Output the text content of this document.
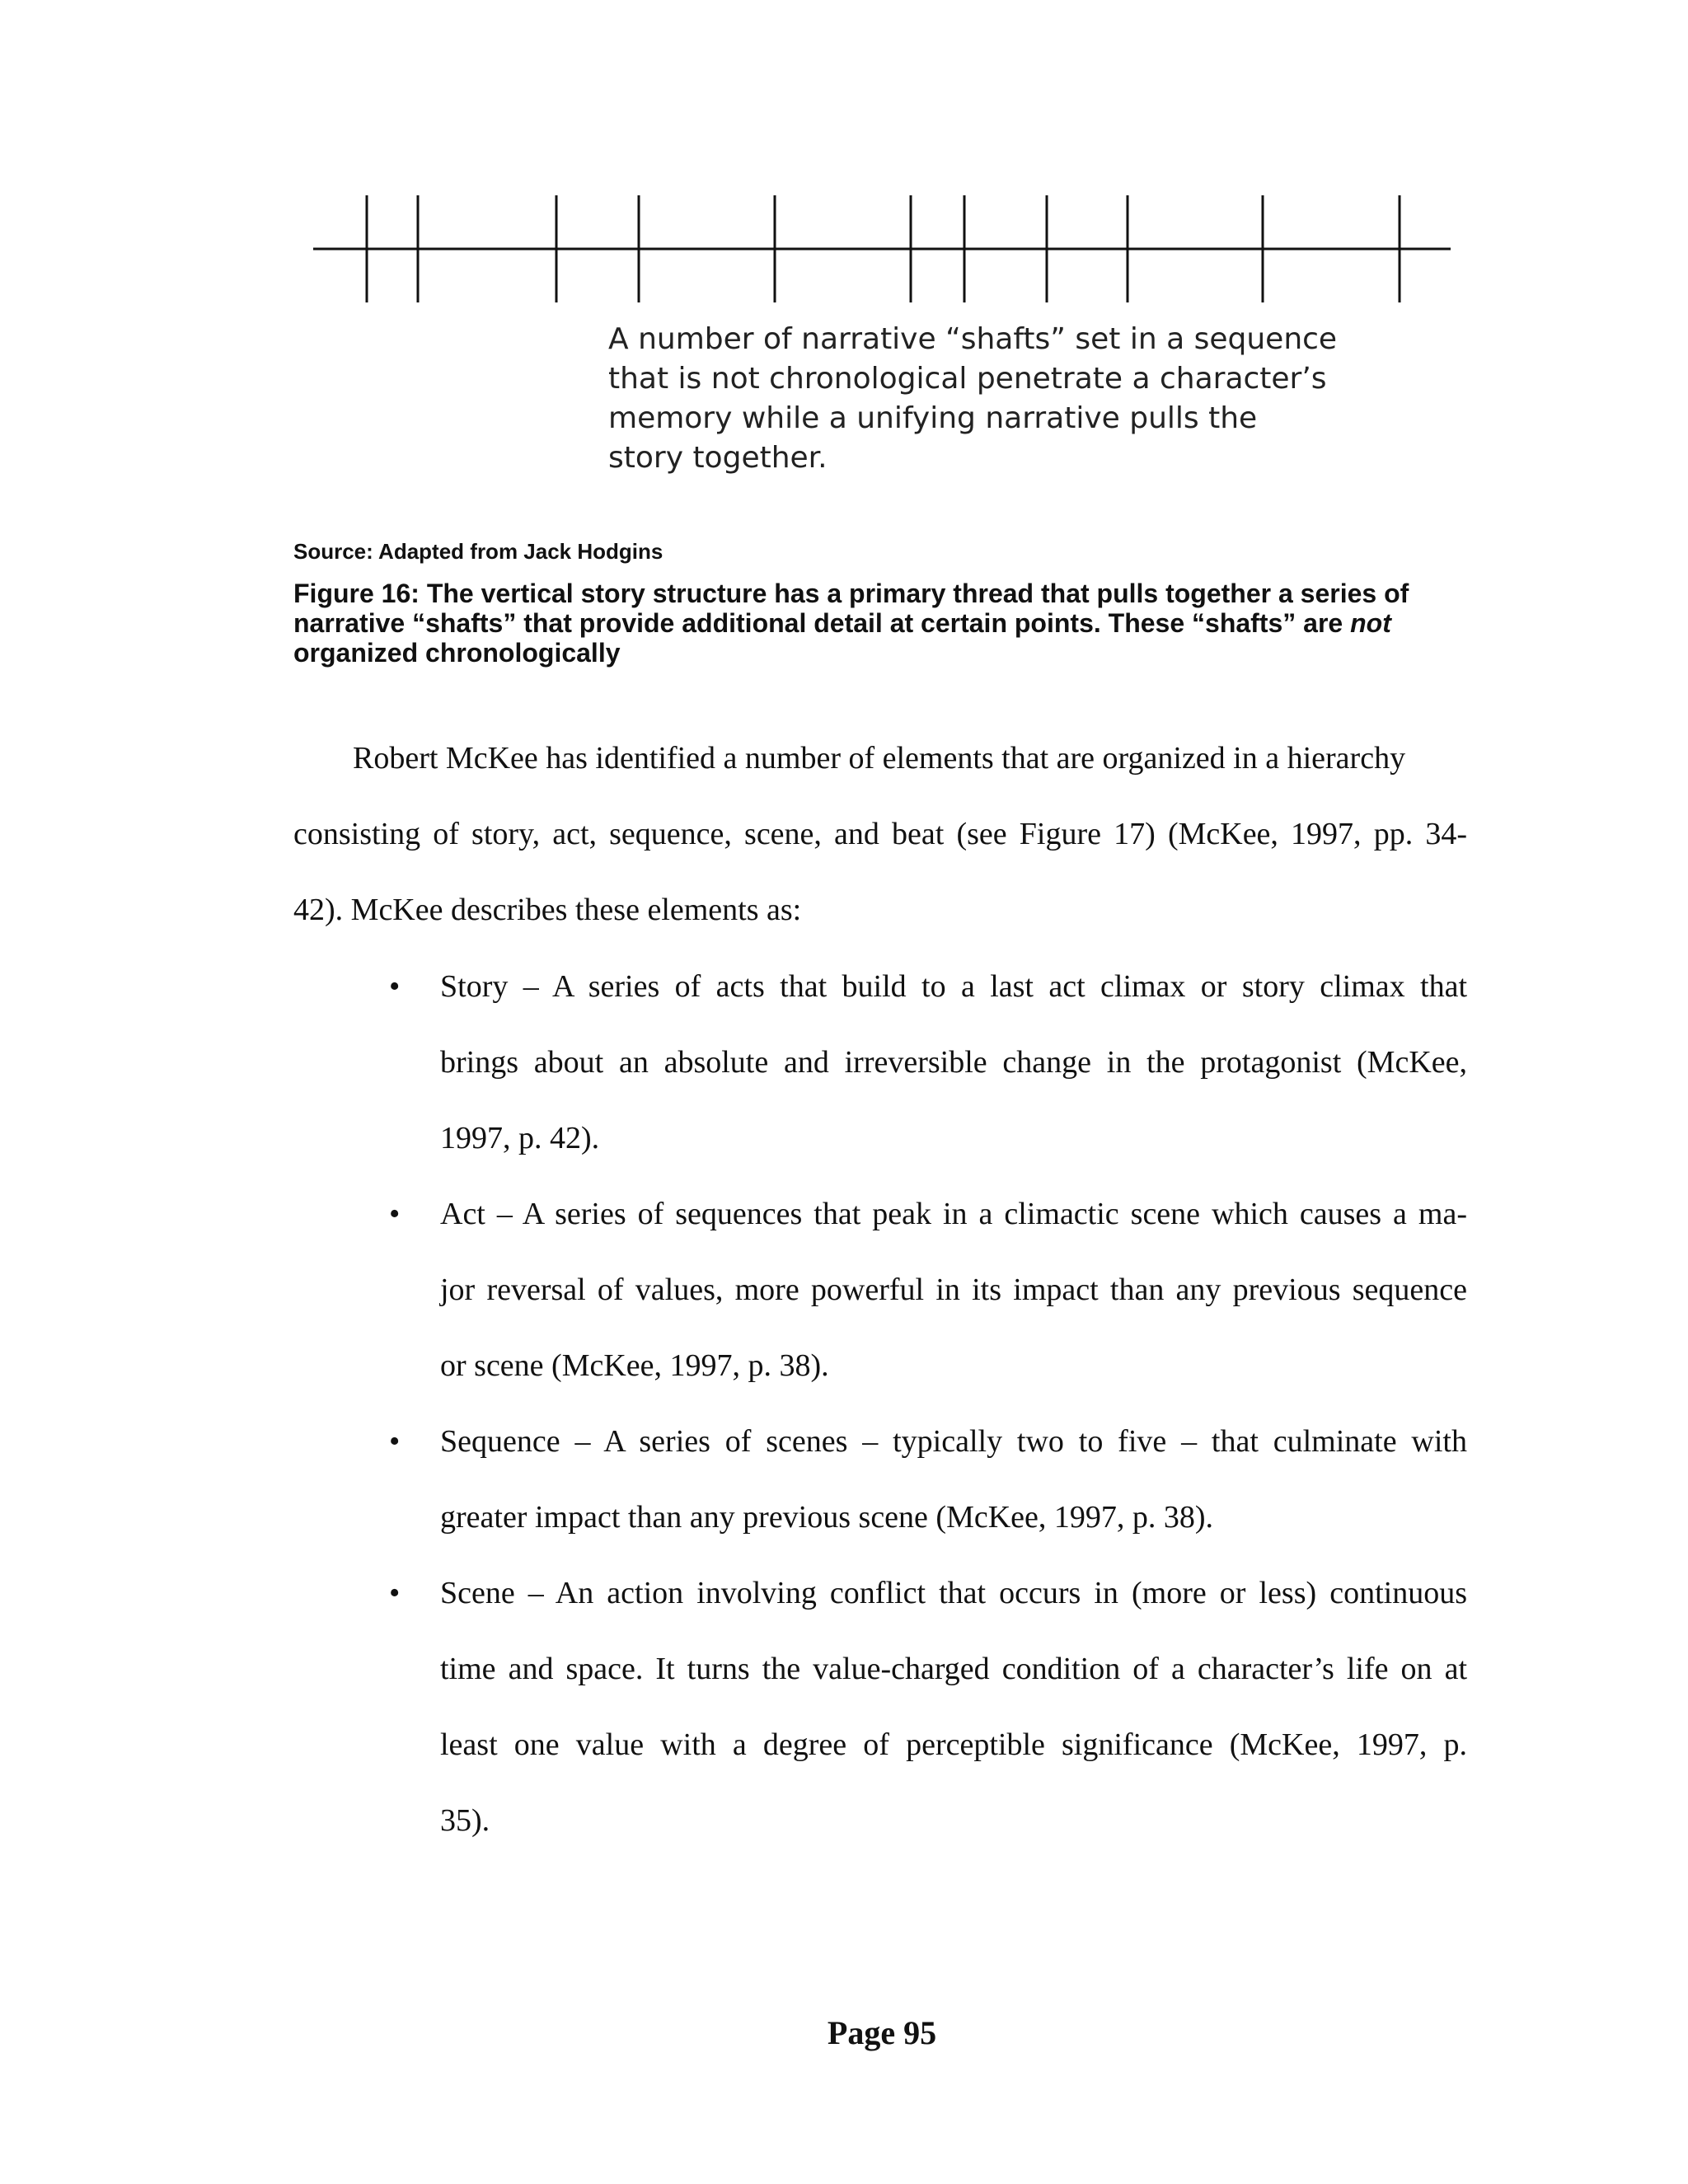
A number of narrative “shafts” set in a sequence
that is not chronological penetrate a character’s
memory while a unifying narrative pulls the
story together.
Source: Adapted from Jack Hodgins
Figure 16: The vertical story structure has a primary thread that pulls together a series of
narrative “shafts” that provide additional detail at certain points. These “shafts” are not
organized chronologically
Robert McKee has identified a number of elements that are organized in a hierarchy
consisting of story, act, sequence, scene, and beat (see Figure 17) (McKee, 1997, pp. 34-
42). McKee describes these elements as:
• Story – A series of acts that build to a last act climax or story climax that
brings about an absolute and irreversible change in the protagonist (McKee,
1997, p. 42).
• Act – A series of sequences that peak in a climactic scene which causes a ma-
jor reversal of values, more powerful in its impact than any previous sequence
or scene (McKee, 1997, p. 38).
• Sequence – A series of scenes – typically two to five – that culminate with
greater impact than any previous scene (McKee, 1997, p. 38).
• Scene – An action involving conflict that occurs in (more or less) continuous
time and space. It turns the value-charged condition of a character’s life on at
least one value with a degree of perceptible significance (McKee, 1997, p.
35).
Page 95
